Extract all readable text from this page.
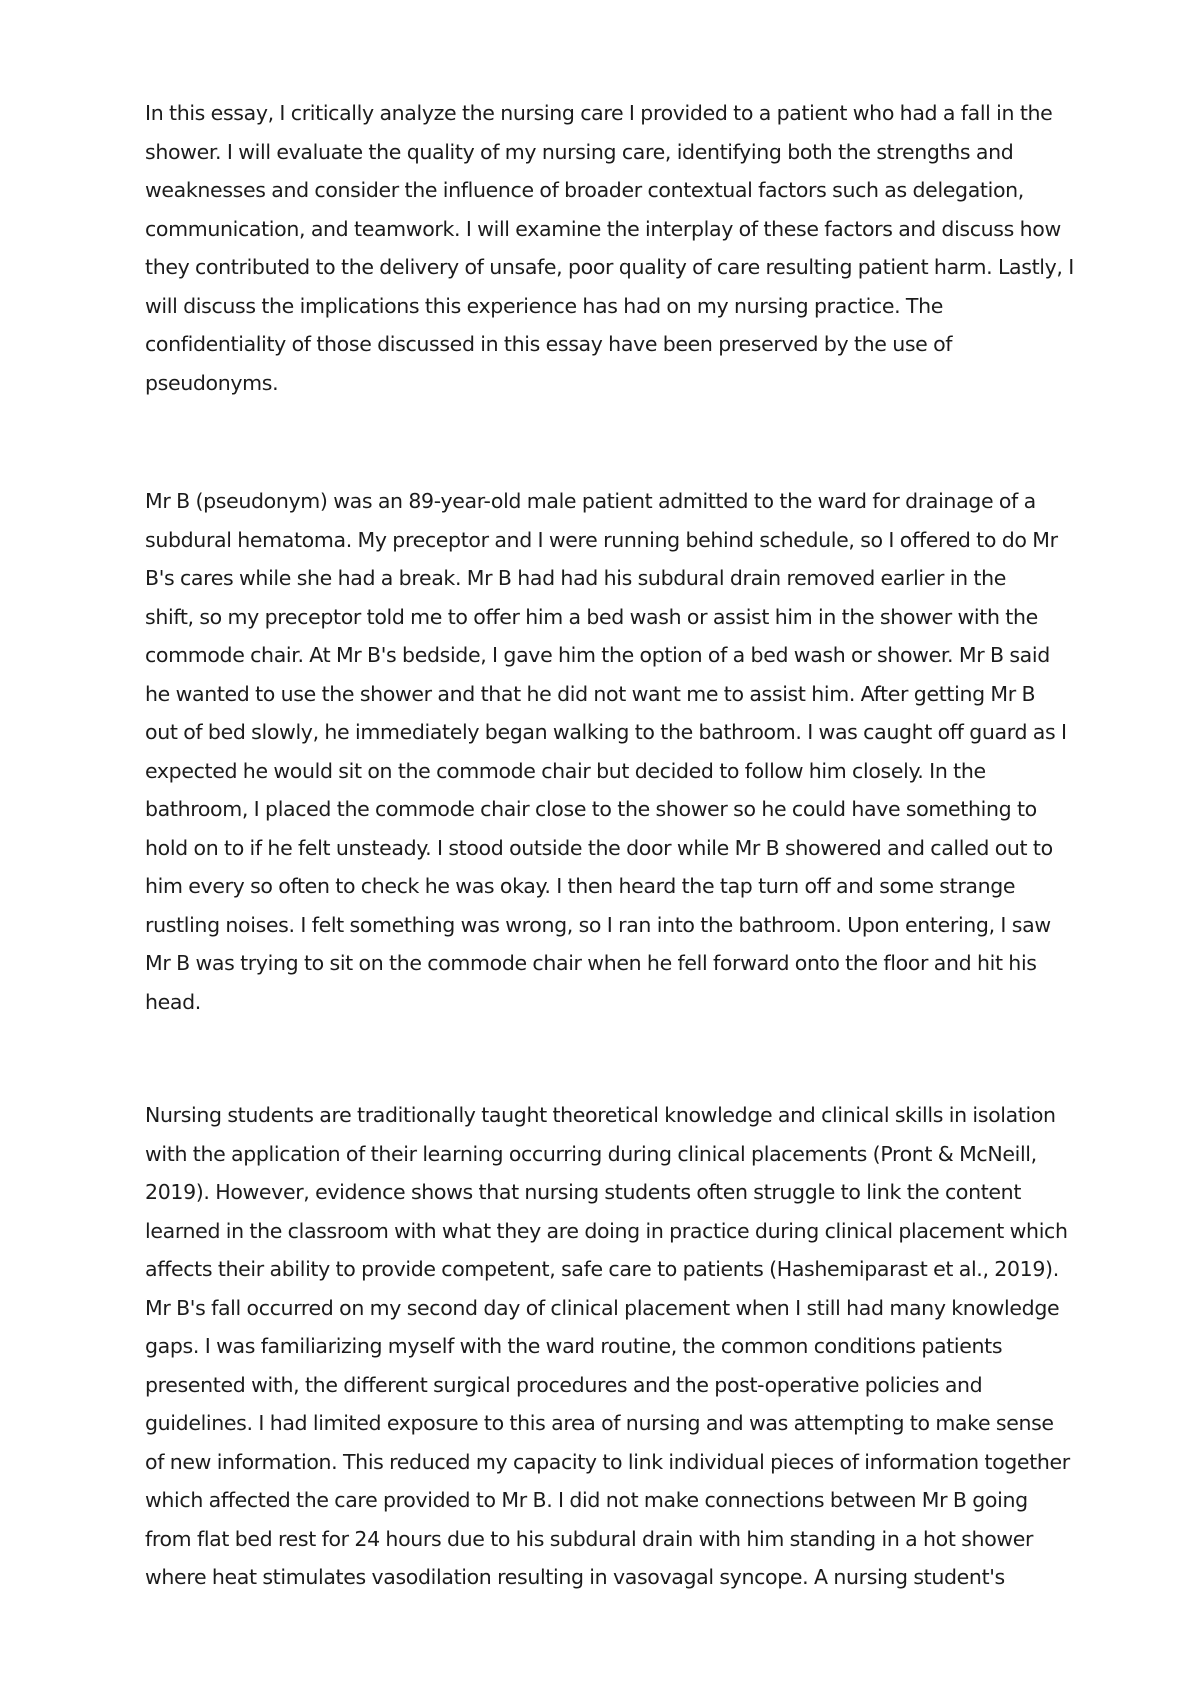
In this essay, I critically analyze the nursing care I provided to a patient who had a fall in the
shower. I will evaluate the quality of my nursing care, identifying both the strengths and
weaknesses and consider the influence of broader contextual factors such as delegation,
communication, and teamwork. I will examine the interplay of these factors and discuss how
they contributed to the delivery of unsafe, poor quality of care resulting patient harm. Lastly, I
will discuss the implications this experience has had on my nursing practice. The
confidentiality of those discussed in this essay have been preserved by the use of
pseudonyms.

Mr B (pseudonym) was an 89-year-old male patient admitted to the ward for drainage of a
subdural hematoma. My preceptor and I were running behind schedule, so I offered to do Mr
B's cares while she had a break. Mr B had had his subdural drain removed earlier in the
shift, so my preceptor told me to offer him a bed wash or assist him in the shower with the
commode chair. At Mr B's bedside, I gave him the option of a bed wash or shower. Mr B said
he wanted to use the shower and that he did not want me to assist him. After getting Mr B
out of bed slowly, he immediately began walking to the bathroom. I was caught off guard as I
expected he would sit on the commode chair but decided to follow him closely. In the
bathroom, I placed the commode chair close to the shower so he could have something to
hold on to if he felt unsteady. I stood outside the door while Mr B showered and called out to
him every so often to check he was okay. I then heard the tap turn off and some strange
rustling noises. I felt something was wrong, so I ran into the bathroom. Upon entering, I saw
Mr B was trying to sit on the commode chair when he fell forward onto the floor and hit his
head.

Nursing students are traditionally taught theoretical knowledge and clinical skills in isolation
with the application of their learning occurring during clinical placements (Pront & McNeill,
2019). However, evidence shows that nursing students often struggle to link the content
learned in the classroom with what they are doing in practice during clinical placement which
affects their ability to provide competent, safe care to patients (Hashemiparast et al., 2019).
Mr B's fall occurred on my second day of clinical placement when I still had many knowledge
gaps. I was familiarizing myself with the ward routine, the common conditions patients
presented with, the different surgical procedures and the post-operative policies and
guidelines. I had limited exposure to this area of nursing and was attempting to make sense
of new information. This reduced my capacity to link individual pieces of information together
which affected the care provided to Mr B. I did not make connections between Mr B going
from flat bed rest for 24 hours due to his subdural drain with him standing in a hot shower
where heat stimulates vasodilation resulting in vasovagal syncope. A nursing student's
